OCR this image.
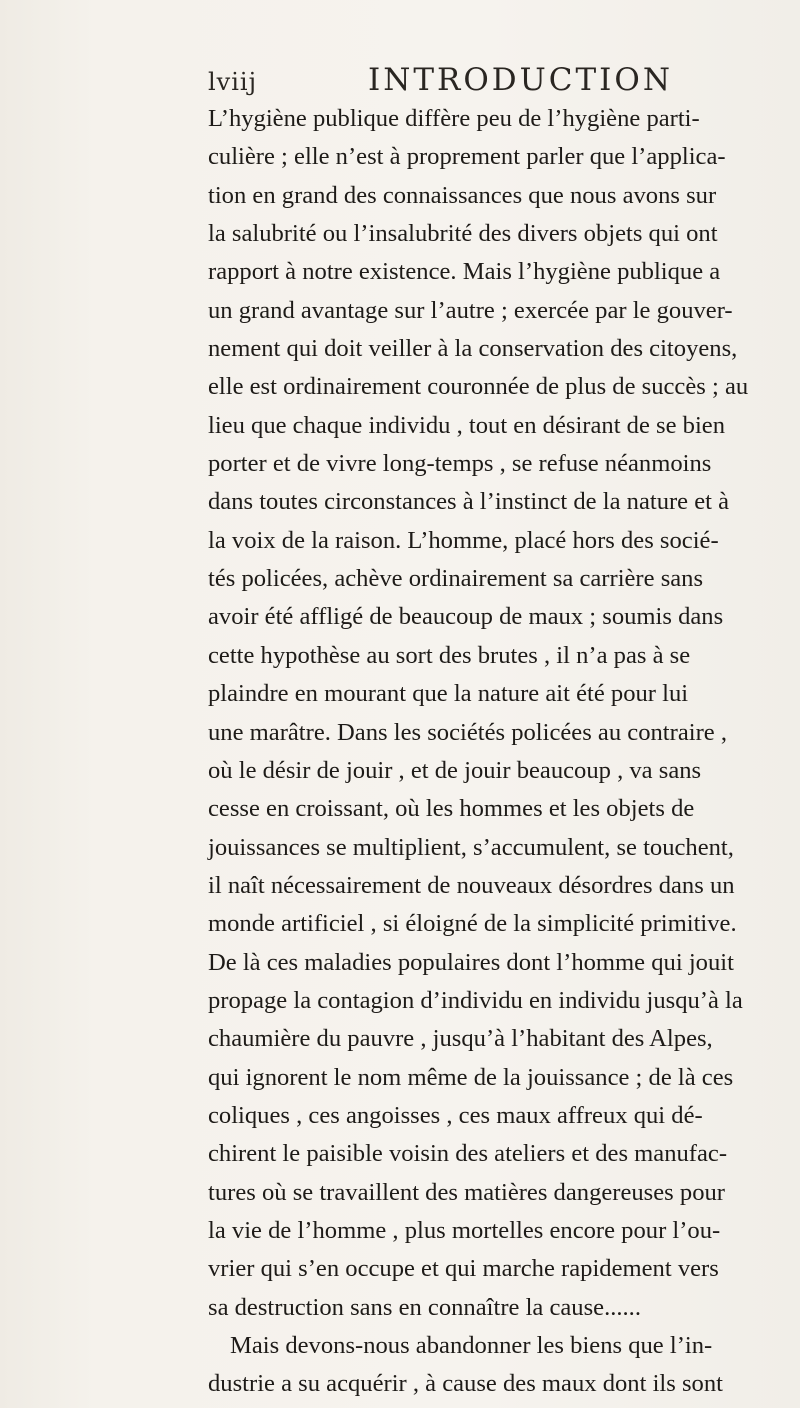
lviij	INTRODUCTION
L’hygiène publique diffère peu de l’hygiène parti-
culière ; elle n’est à proprement parler que l’applica-
tion en grand des connaissances que nous avons sur
la salubrité ou l’insalubrité des divers objets qui ont
rapport à notre existence. Mais l’hygiène publique a
un grand avantage sur l’autre ; exercée par le gouver-
nement qui doit veiller à la conservation des citoyens,
elle est ordinairement couronnée de plus de succès ; au
lieu que chaque individu , tout en désirant de se bien
porter et de vivre long-temps , se refuse néanmoins
dans toutes circonstances à l’instinct de la nature et à
la voix de la raison. L’homme, placé hors des socié-
tés policées, achève ordinairement sa carrière sans
avoir été affligé de beaucoup de maux ; soumis dans
cette hypothèse au sort des brutes , il n’a pas à se
plaindre en mourant que la nature ait été pour lui
une marâtre. Dans les sociétés policées au contraire ,
où le désir de jouir , et de jouir beaucoup , va sans
cesse en croissant, où les hommes et les objets de
jouissances se multiplient, s’accumulent, se touchent,
il naît nécessairement de nouveaux désordres dans un
monde artificiel , si éloigné de la simplicité primitive.
De là ces maladies populaires dont l’homme qui jouit
propage la contagion d’individu en individu jusqu’à la
chaumière du pauvre , jusqu’à l’habitant des Alpes,
qui ignorent le nom même de la jouissance ; de là ces
coliques , ces angoisses , ces maux affreux qui dé-
chirent le paisible voisin des ateliers et des manufac-
tures où se travaillent des matières dangereuses pour
la vie de l’homme , plus mortelles encore pour l’ou-
vrier qui s’en occupe et qui marche rapidement vers
sa destruction sans en connaître la cause......
Mais devons-nous abandonner les biens que l’in-
dustrie a su acquérir , à cause des maux dont ils sont
